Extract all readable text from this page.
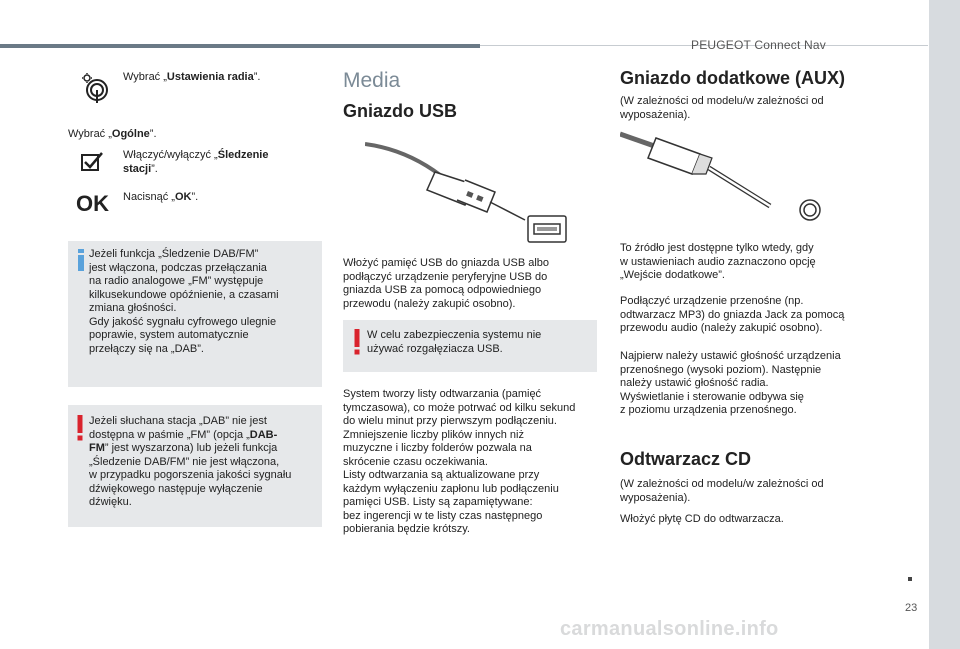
PEUGEOT Connect Nav
23
Wybrać „Ustawienia radia”.
Wybrać „Ogólne”.
Włączyć/wyłączyć „Śledzenie
stacji”.
OK Nacisnąć „OK”.
Jeżeli funkcja „Śledzenie DAB/FM”
jest włączona, podczas przełączania
na radio analogowe „FM” występuje
kilkusekundowe opóźnienie, a czasami
zmiana głośności.
Gdy jakość sygnału cyfrowego ulegnie
poprawie, system automatycznie
przełączy się na „DAB”.
Jeżeli słuchana stacja „DAB” nie jest
dostępna w paśmie „FM” (opcja „DAB-
FM” jest wyszarzona) lub jeżeli funkcja
„Śledzenie DAB/FM” nie jest włączona,
w przypadku pogorszenia jakości sygnału
dźwiękowego następuje wyłączenie
dźwięku.
Media
Gniazdo USB
Włożyć pamięć USB do gniazda USB albo
podłączyć urządzenie peryferyjne USB do
gniazda USB za pomocą odpowiedniego
przewodu (należy zakupić osobno).
W celu zabezpieczenia systemu nie
używać rozgałęziacza USB.
System tworzy listy odtwarzania (pamięć
tymczasowa), co może potrwać od kilku sekund
do wielu minut przy pierwszym podłączeniu.
Zmniejszenie liczby plików innych niż
muzyczne i liczby folderów pozwala na
skrócenie czasu oczekiwania.
Listy odtwarzania są aktualizowane przy
każdym wyłączeniu zapłonu lub podłączeniu
pamięci USB. Listy są zapamiętywane:
bez ingerencji w te listy czas następnego
pobierania będzie krótszy.
Gniazdo dodatkowe (AUX)
(W zależności od modelu/w zależności od
wyposażenia).
To źródło jest dostępne tylko wtedy, gdy
w ustawieniach audio zaznaczono opcję
„Wejście dodatkowe”.
Podłączyć urządzenie przenośne (np.
odtwarzacz MP3) do gniazda Jack za pomocą
przewodu audio (należy zakupić osobno).
Najpierw należy ustawić głośność urządzenia
przenośnego (wysoki poziom). Następnie
należy ustawić głośność radia.
Wyświetlanie i sterowanie odbywa się
z poziomu urządzenia przenośnego.
Odtwarzacz CD
(W zależności od modelu/w zależności od
wyposażenia).
Włożyć płytę CD do odtwarzacza.
carmanualsonline.info
